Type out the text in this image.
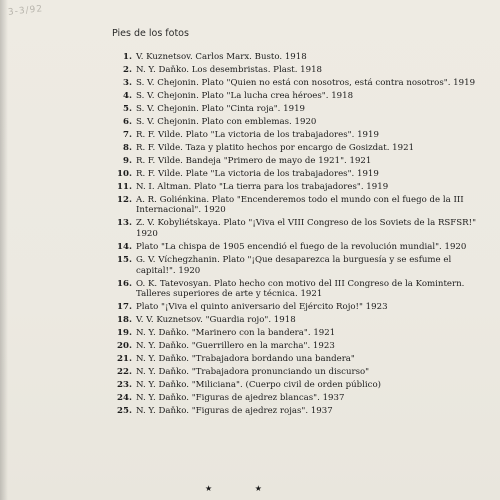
3-3/92
Pies de los fotos
1. V. Kuznetsov. Carlos Marx. Busto. 1918
2. N. Y. Daňko. Los desembristas. Plast. 1918
3. S. V. Chejonin. Plato "Quien no está con nosotros, está contra nosotros". 1919
4. S. V. Chejonin. Plato "La lucha crea héroes". 1918
5. S. V. Chejonin. Plato "Cinta roja". 1919
6. S. V. Chejonin. Plato con emblemas. 1920
7. R. F. Vilde. Plato "La victoria de los trabajadores". 1919
8. R. F. Vilde. Taza y platito hechos por encargo de Gosizdat. 1921
9. R. F. Vilde. Bandeja "Primero de mayo de 1921". 1921
10. R. F. Vilde. Plate "La victoria de los trabajadores". 1919
11. N. I. Altman. Plato "La tierra para los trabajadores". 1919
12. A. R. Goliénkina. Plato "Encenderemos todo el mundo con el fuego de la III Internacional". 1920
13. Z. V. Kobyliétskaya. Plato "¡Viva el VIII Congreso de los Soviets de la RSFSR!" 1920
14. Plato "La chispa de 1905 encendió el fuego de la revolución mundial". 1920
15. G. V. Víchegzhanin. Plato "¡Que desaparezca la burguesía y se esfume el capital!". 1920
16. O. K. Tatevosyan. Plato hecho con motivo del III Congreso de la Komintern. Talleres superiores de arte y técnica. 1921
17. Plato "¡Viva el quinto aniversario del Ejército Rojo!" 1923
18. V. V. Kuznetsov. "Guardia rojo". 1918
19. N. Y. Daňko. "Marinero con la bandera". 1921
20. N. Y. Daňko. "Guerrillero en la marcha". 1923
21. N. Y. Daňko. "Trabajadora bordando una bandera"
22. N. Y. Daňko. "Trabajadora pronunciando un discurso"
23. N. Y. Daňko. "Miliciana". (Cuerpo civil de orden público)
24. N. Y. Daňko. "Figuras de ajedrez blancas". 1937
25. N. Y. Daňko. "Figuras de ajedrez rojas". 1937
★ ★
